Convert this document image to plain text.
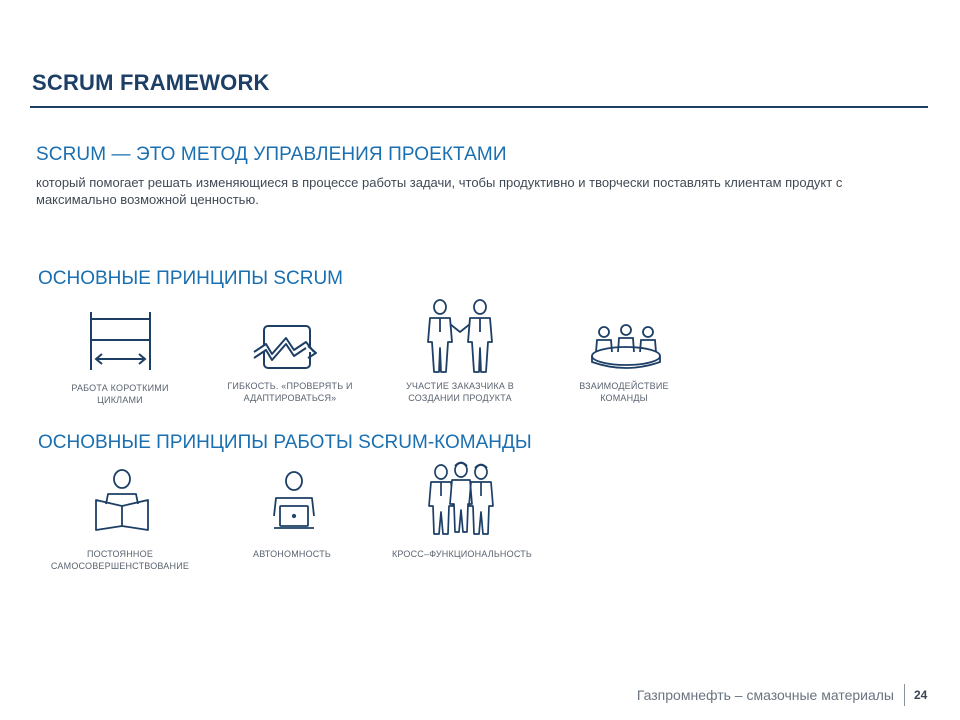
SCRUM FRAMEWORK
SCRUM — ЭТО МЕТОД УПРАВЛЕНИЯ ПРОЕКТАМИ
который помогает решать изменяющиеся в процессе работы задачи, чтобы продуктивно и творчески поставлять клиентам продукт с максимально возможной ценностью.
ОСНОВНЫЕ ПРИНЦИПЫ SCRUM
РАБОТА КОРОТКИМИ ЦИКЛАМИ
ГИБКОСТЬ. «ПРОВЕРЯТЬ И АДАПТИРОВАТЬСЯ»
УЧАСТИЕ ЗАКАЗЧИКА В СОЗДАНИИ ПРОДУКТА
ВЗАИМОДЕЙСТВИЕ КОМАНДЫ
ОСНОВНЫЕ ПРИНЦИПЫ РАБОТЫ SCRUM-КОМАНДЫ
ПОСТОЯННОЕ САМОСОВЕРШЕНСТВОВАНИЕ
АВТОНОМНОСТЬ	КРОСС–ФУНКЦИОНАЛЬНОСТЬ
Газпромнефть – смазочные материалы 24
